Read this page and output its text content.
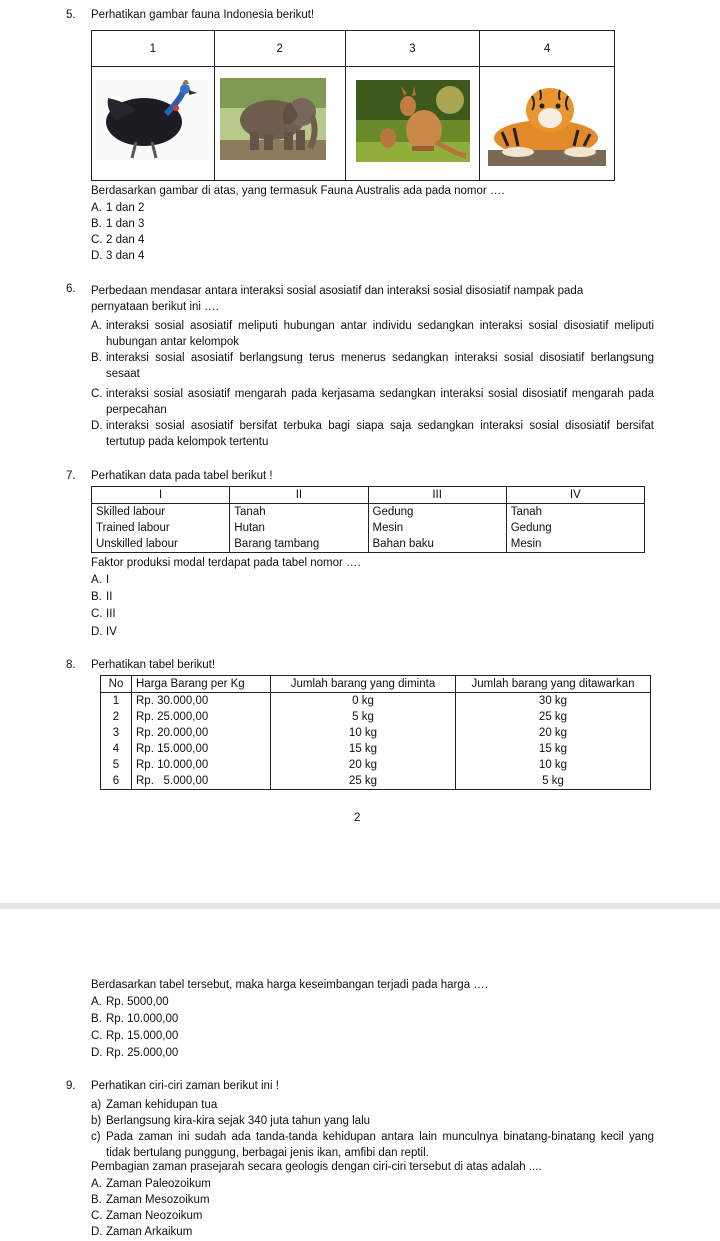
5. Perhatikan gambar fauna Indonesia berikut!
1	2	3	4

Berdasarkan gambar di atas, yang termasuk Fauna Australis ada pada nomor ….
A. 1 dan 2
B. 1 dan 3
C. 2 dan 4
D. 3 dan 4
6. Perbedaan mendasar antara interaksi sosial asosiatif dan interaksi sosial disosiatif nampak pada
pernyataan berikut ini ….
A. interaksi sosial asosiatif meliputi hubungan antar individu sedangkan interaksi sosial disosiatif meliputi hubungan antar kelompok
B. interaksi sosial asosiatif berlangsung terus menerus sedangkan interaksi sosial disosiatif berlangsung sesaat
C. interaksi sosial asosiatif mengarah pada kerjasama sedangkan interaksi sosial disosiatif mengarah pada perpecahan
D. interaksi sosial asosiatif bersifat terbuka bagi siapa saja sedangkan interaksi sosial disosiatif bersifat tertutup pada kelompok tertentu
7. Perhatikan data pada tabel berikut !
I	II	III	IV
Skilled labour	Tanah	Gedung	Tanah
Trained labour	Hutan	Mesin	Gedung
Unskilled labour	Barang tambang	Bahan baku	Mesin
Faktor produksi modal terdapat pada tabel nomor ….
A. I
B. II
C. III
D. IV
8. Perhatikan tabel berikut!
No	Harga Barang per Kg	Jumlah barang yang diminta	Jumlah barang yang ditawarkan
1	Rp. 30.000,00	0 kg	30 kg
2	Rp. 25.000,00	5 kg	25 kg
3	Rp. 20.000,00	10 kg	20 kg
4	Rp. 15.000,00	15 kg	15 kg
5	Rp. 10.000,00	20 kg	10 kg
6	Rp.   5.000,00	25 kg	5 kg
2
Berdasarkan tabel tersebut, maka harga keseimbangan terjadi pada harga ….
A. Rp. 5000,00
B. Rp. 10.000,00
C. Rp. 15.000,00
D. Rp. 25.000,00
9. Perhatikan ciri-ciri zaman berikut ini !
a) Zaman kehidupan tua
b) Berlangsung kira-kira sejak 340 juta tahun yang lalu
c) Pada zaman ini sudah ada tanda-tanda kehidupan antara lain munculnya binatang-binatang kecil yang tidak bertulang punggung, berbagai jenis ikan, amfibi dan reptil.
Pembagian zaman prasejarah secara geologis dengan ciri-ciri tersebut di atas adalah ....
A. Zaman Paleozoikum
B. Zaman Mesozoikum
C. Zaman Neozoikum
D. Zaman Arkaikum
